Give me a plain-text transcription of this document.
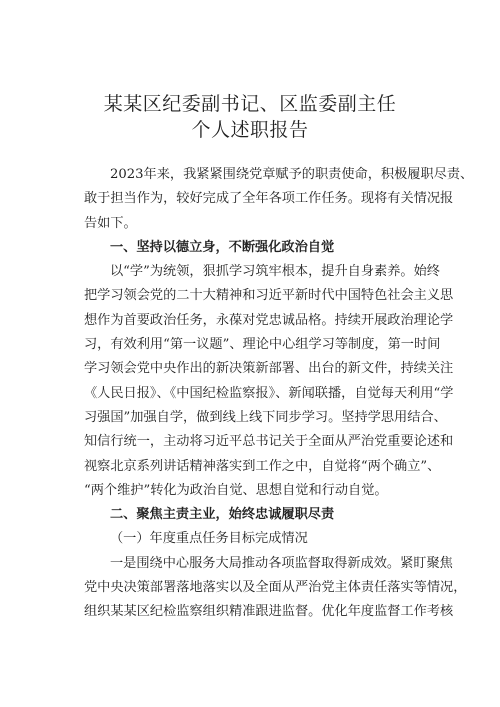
某某区纪委副书记、区监委副主任
个人述职报告
2023年来，我紧紧围绕党章赋予的职责使命，积极履职尽责、
敢于担当作为，较好完成了全年各项工作任务。现将有关情况报
告如下。
一、坚持以德立身，不断强化政治自觉
以“学”为统领，狠抓学习筑牢根本，提升自身素养。始终
把学习领会党的二十大精神和习近平新时代中国特色社会主义思
想作为首要政治任务，永葆对党忠诚品格。持续开展政治理论学
习，有效利用“第一议题”、理论中心组学习等制度，第一时间
学习领会党中央作出的新决策新部署、出台的新文件，持续关注
《人民日报》、《中国纪检监察报》、新闻联播，自觉每天利用“学
习强国”加强自学，做到线上线下同步学习。坚持学思用结合、
知信行统一，主动将习近平总书记关于全面从严治党重要论述和
视察北京系列讲话精神落实到工作之中，自觉将“两个确立”、
“两个维护”转化为政治自觉、思想自觉和行动自觉。
二、聚焦主责主业，始终忠诚履职尽责
（一）年度重点任务目标完成情况
一是围绕中心服务大局推动各项监督取得新成效。紧盯聚焦
党中央决策部署落地落实以及全面从严治党主体责任落实等情况，
组织某某区纪检监察组织精准跟进监督。优化年度监督工作考核
